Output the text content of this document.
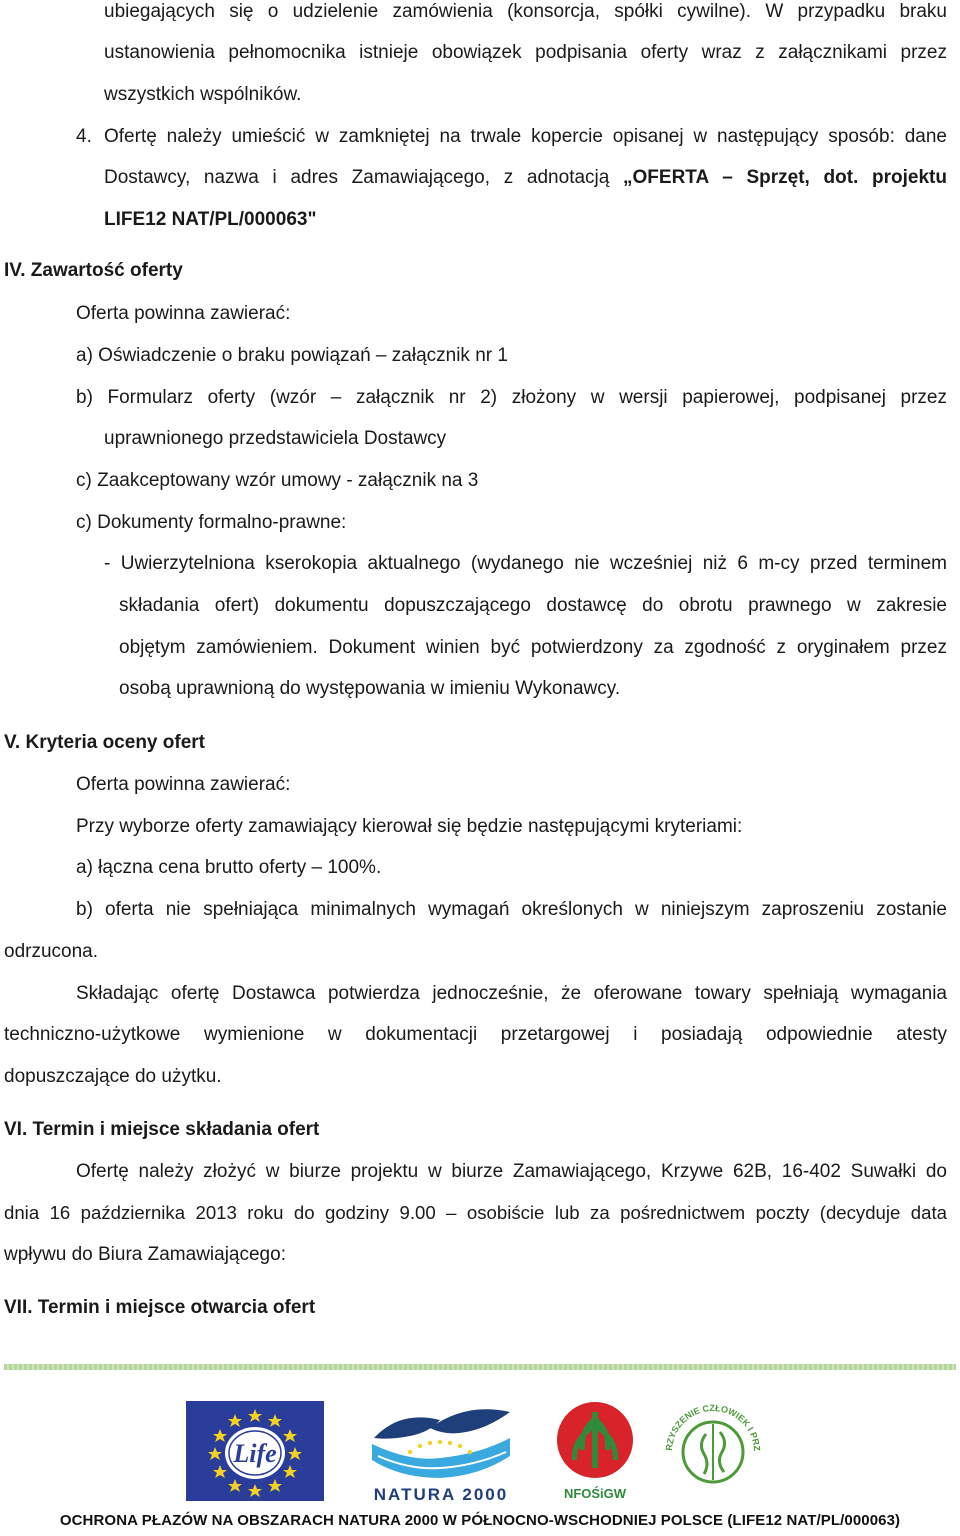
ubiegających się o udzielenie zamówienia (konsorcja, spółki cywilne). W przypadku braku
ustanowienia pełnomocnika istnieje obowiązek podpisania oferty wraz z załącznikami przez
wszystkich wspólników.
4. Ofertę należy umieścić w zamkniętej na trwale kopercie opisanej w następujący sposób: dane
Dostawcy, nazwa i adres Zamawiającego, z adnotacją „OFERTA – Sprzęt, dot. projektu
LIFE12 NAT/PL/000063"
IV. Zawartość oferty
Oferta powinna zawierać:
a) Oświadczenie o braku powiązań – załącznik nr 1
b) Formularz oferty (wzór – załącznik nr 2) złożony w wersji papierowej, podpisanej przez
uprawnionego przedstawiciela Dostawcy
c) Zaakceptowany wzór umowy - załącznik na 3
c) Dokumenty formalno-prawne:
- Uwierzytelniona kserokopia aktualnego (wydanego nie wcześniej niż 6 m-cy przed terminem
składania ofert) dokumentu dopuszczającego dostawcę do obrotu prawnego w zakresie
objętym zamówieniem. Dokument winien być potwierdzony za zgodność z oryginałem przez
osobą uprawnioną do występowania w imieniu Wykonawcy.
V. Kryteria oceny ofert
Oferta powinna zawierać:
Przy wyborze oferty zamawiający kierował się będzie następującymi kryteriami:
a) łączna cena brutto oferty – 100%.
b) oferta nie spełniająca minimalnych wymagań określonych w niniejszym zaproszeniu zostanie
odrzucona.
Składając ofertę Dostawca potwierdza jednocześnie, że oferowane towary spełniają wymagania
techniczno-użytkowe wymienione w dokumentacji przetargowej i posiadają odpowiednie atesty
dopuszczające do użytku.
VI. Termin i miejsce składania ofert
Ofertę należy złożyć w biurze projektu w biurze Zamawiającego, Krzywe 62B, 16-402 Suwałki do
dnia 16 października 2013 roku do godziny 9.00 – osobiście lub za pośrednictwem poczty (decyduje data
wpływu do Biura Zamawiającego:
VII. Termin i miejsce otwarcia ofert
Life
NATURA 2000	NFOŚiGW
RZYSZENIE CZŁOWIEK I PRZ
OCHRONA PŁAZÓW NA OBSZARACH NATURA 2000 W PÓŁNOCNO-WSCHODNIEJ POLSCE (LIFE12 NAT/PL/000063)
